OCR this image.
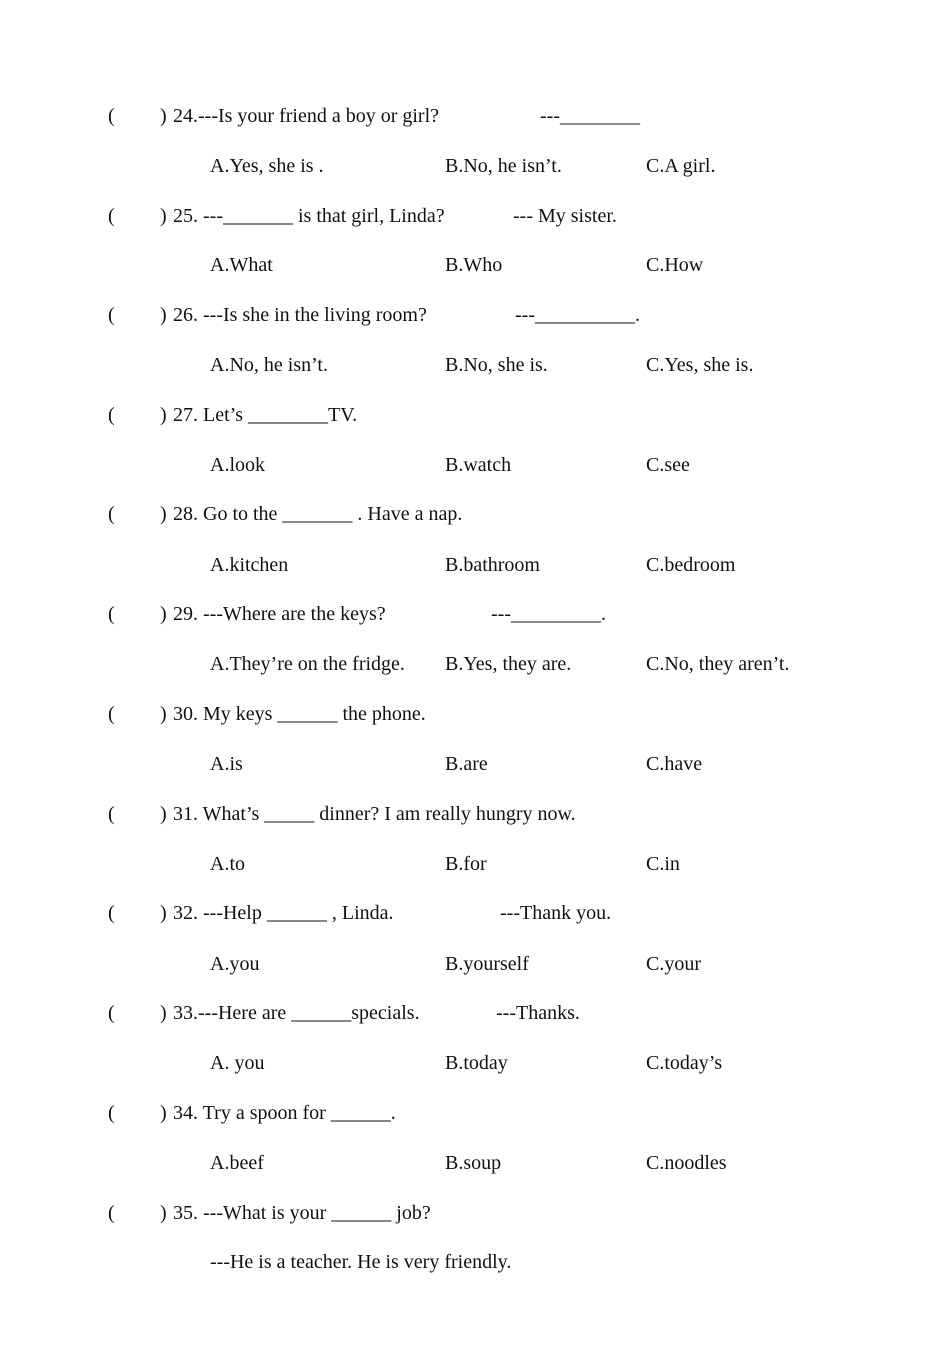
( ) 24.---Is your friend a boy or girl?	---________
A.Yes, she is .	B.No, he isn’t.	C.A girl.
( ) 25. ---_______ is that girl, Linda?	--- My sister.
A.What	B.Who	C.How
( ) 26. ---Is she in the living room?	---__________.
A.No, he isn’t.	B.No, she is.	C.Yes, she is.
( ) 27. Let’s ________TV.
A.look	B.watch	C.see
( ) 28. Go to the _______ . Have a nap.
A.kitchen	B.bathroom	C.bedroom
( ) 29. ---Where are the keys?	---_________.
A.They’re on the fridge. B.Yes, they are.	C.No, they aren’t.
( ) 30. My keys ______ the phone.
A.is	B.are	C.have
( ) 31. What’s _____ dinner? I am really hungry now.
A.to	B.for	C.in
( ) 32. ---Help ______ , Linda.	---Thank you.
A.you	B.yourself	C.your
( ) 33.---Here are ______specials.	---Thanks.
A. you	B.today	C.today’s
( ) 34. Try a spoon for ______.
A.beef	B.soup	C.noodles
( ) 35. ---What is your ______ job?
---He is a teacher. He is very friendly.
